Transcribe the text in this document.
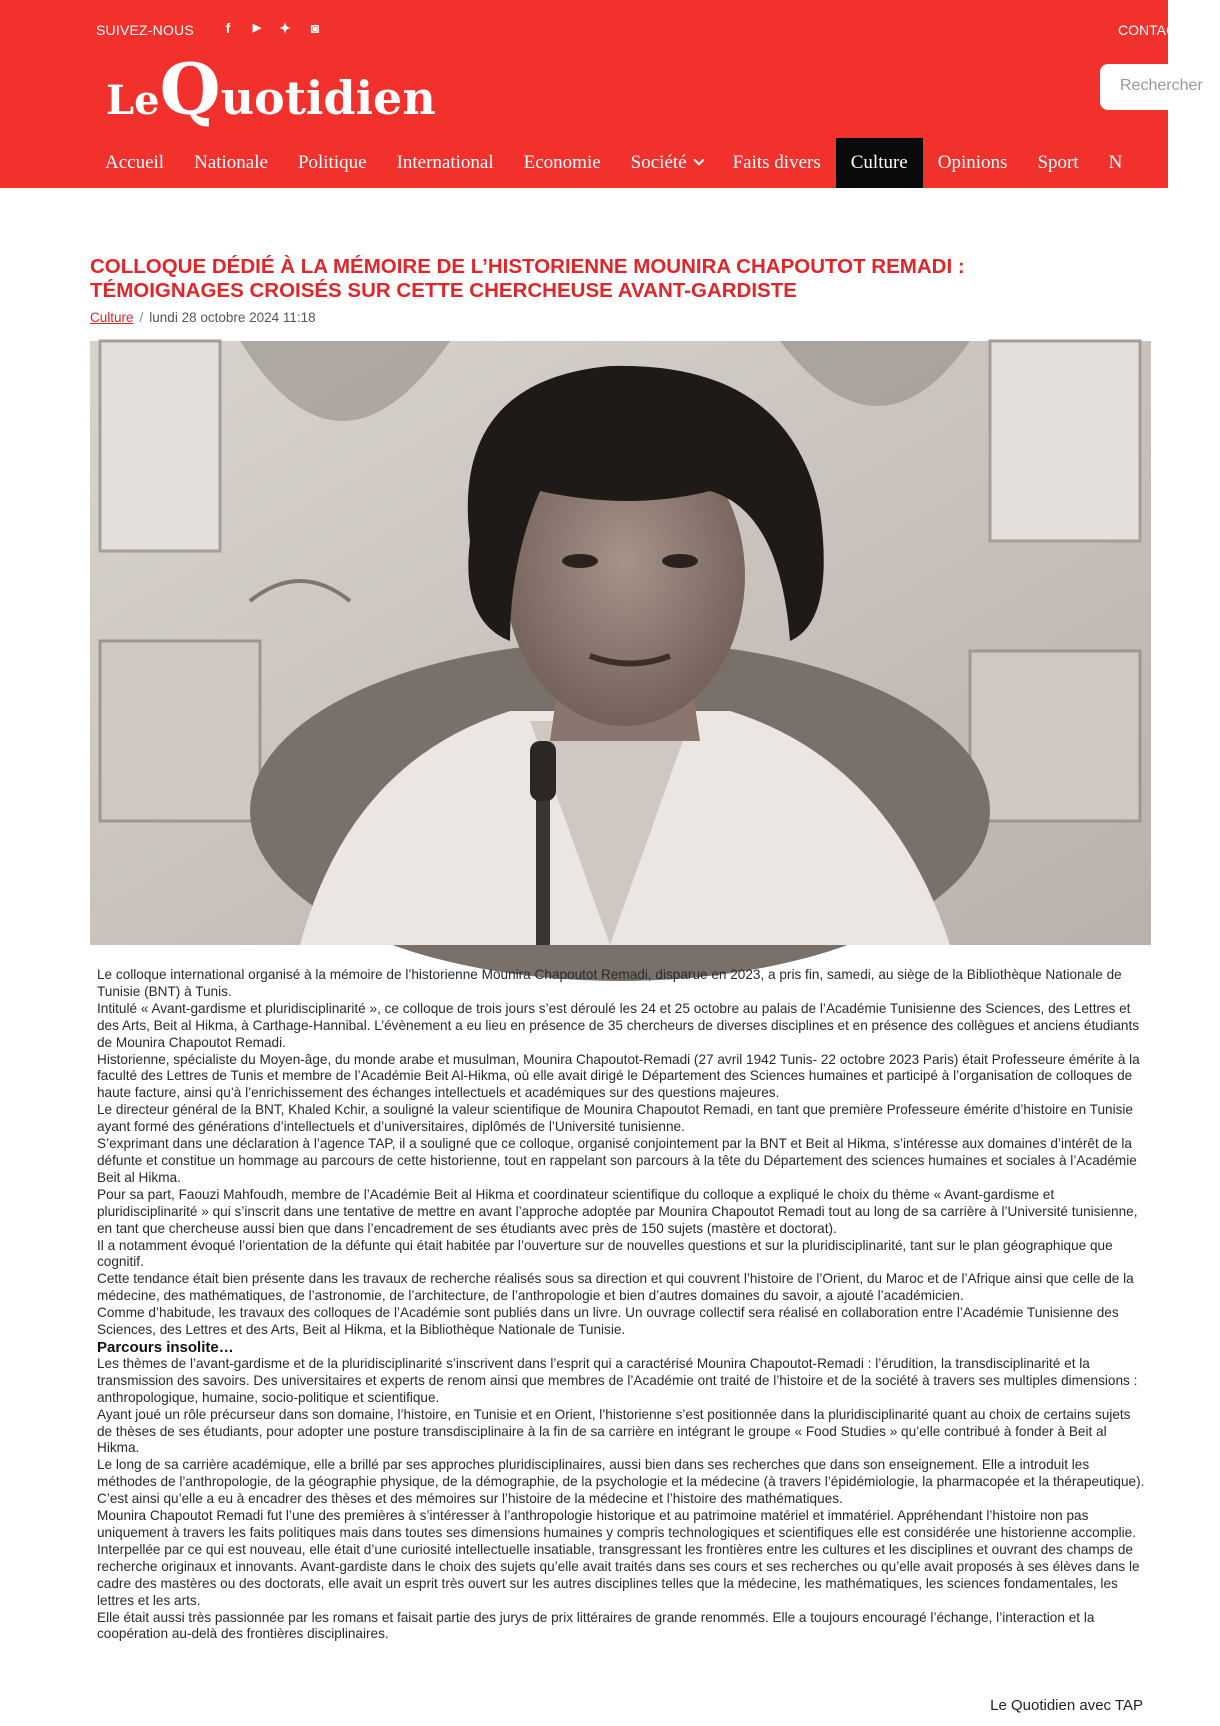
SUIVEZ-NOUS	f	▶ ✦ ◙	CONTACT
LeQuotidien	Rechercher
Accueil	Nationale	Politique	International	Economie	Société	Faits divers	Culture	Opinions	Sport	N
COLLOQUE DÉDIÉ À LA MÉMOIRE DE L’HISTORIENNE MOUNIRA CHAPOUTOT REMADI : TÉMOIGNAGES CROISÉS SUR CETTE CHERCHEUSE AVANT-GARDISTE
Culture / lundi 28 octobre 2024 11:18

Le colloque international organisé à la mémoire de l’historienne Mounira Chapoutot Remadi, disparue en 2023, a pris fin, samedi, au siège de la Bibliothèque Nationale de Tunisie (BNT) à Tunis.

Intitulé « Avant-gardisme et pluridisciplinarité », ce colloque de trois jours s’est déroulé les 24 et 25 octobre au palais de l’Académie Tunisienne des Sciences, des Lettres et des Arts, Beit al Hikma, à Carthage-Hannibal. L’évènement a eu lieu en présence de 35 chercheurs de diverses disciplines et en présence des collègues et anciens étudiants de Mounira Chapoutot Remadi.

Historienne, spécialiste du Moyen-âge, du monde arabe et musulman, Mounira Chapoutot-Remadi (27 avril 1942 Tunis- 22 octobre 2023 Paris) était Professeure émérite à la faculté des Lettres de Tunis et membre de l’Académie Beit Al-Hikma, où elle avait dirigé le Département des Sciences humaines et participé à l’organisation de colloques de haute facture, ainsi qu’à l’enrichissement des échanges intellectuels et académiques sur des questions majeures.

Le directeur général de la BNT, Khaled Kchir, a souligné la valeur scientifique de Mounira Chapoutot Remadi, en tant que première Professeure émérite d’histoire en Tunisie ayant formé des générations d’intellectuels et d’universitaires, diplômés de l’Université tunisienne.

S’exprimant dans une déclaration à l’agence TAP, il a souligné que ce colloque, organisé conjointement par la BNT et Beit al Hikma, s’intéresse aux domaines d’intérêt de la défunte et constitue un hommage au parcours de cette historienne, tout en rappelant son parcours à la tête du Département des sciences humaines et sociales à l’Académie Beit al Hikma.

Pour sa part, Faouzi Mahfoudh, membre de l’Académie Beit al Hikma et coordinateur scientifique du colloque a expliqué le choix du thème « Avant-gardisme et pluridisciplinarité » qui s’inscrit dans une tentative de mettre en avant l’approche adoptée par Mounira Chapoutot Remadi tout au long de sa carrière à l’Université tunisienne, en tant que chercheuse aussi bien que dans l’encadrement de ses étudiants avec près de 150 sujets (mastère et doctorat).

Il a notamment évoqué l’orientation de la défunte qui était habitée par l’ouverture sur de nouvelles questions et sur la pluridisciplinarité, tant sur le plan géographique que cognitif.

Cette tendance était bien présente dans les travaux de recherche réalisés sous sa direction et qui couvrent l’histoire de l’Orient, du Maroc et de l’Afrique ainsi que celle de la médecine, des mathématiques, de l’astronomie, de l’architecture, de l’anthropologie et bien d’autres domaines du savoir, a ajouté l’académicien.

Comme d’habitude, les travaux des colloques de l’Académie sont publiés dans un livre. Un ouvrage collectif sera réalisé en collaboration entre l’Académie Tunisienne des Sciences, des Lettres et des Arts, Beit al Hikma, et la Bibliothèque Nationale de Tunisie.

Parcours insolite…

Les thèmes de l’avant-gardisme et de la pluridisciplinarité s’inscrivent dans l’esprit qui a caractérisé Mounira Chapoutot-Remadi : l’érudition, la transdisciplinarité et la transmission des savoirs. Des universitaires et experts de renom ainsi que membres de l’Académie ont traité de l’histoire et de la société à travers ses multiples dimensions : anthropologique, humaine, socio-politique et scientifique.

Ayant joué un rôle précurseur dans son domaine, l’histoire, en Tunisie et en Orient, l’historienne s’est positionnée dans la pluridisciplinarité quant au choix de certains sujets de thèses de ses étudiants, pour adopter une posture transdisciplinaire à la fin de sa carrière en intégrant le groupe « Food Studies » qu’elle contribué à fonder à Beit al Hikma.

Le long de sa carrière académique, elle a brillé par ses approches pluridisciplinaires, aussi bien dans ses recherches que dans son enseignement. Elle a introduit les méthodes de l’anthropologie, de la géographie physique, de la démographie, de la psychologie et la médecine (à travers l’épidémiologie, la pharmacopée et la thérapeutique). C’est ainsi qu’elle a eu à encadrer des thèses et des mémoires sur l’histoire de la médecine et l’histoire des mathématiques.

Mounira Chapoutot Remadi fut l’une des premières à s’intéresser à l’anthropologie historique et au patrimoine matériel et immatériel. Appréhendant l’histoire non pas uniquement à travers les faits politiques mais dans toutes ses dimensions humaines y compris technologiques et scientifiques elle est considérée une historienne accomplie.

Interpellée par ce qui est nouveau, elle était d’une curiosité intellectuelle insatiable, transgressant les frontières entre les cultures et les disciplines et ouvrant des champs de recherche originaux et innovants. Avant-gardiste dans le choix des sujets qu’elle avait traités dans ses cours et ses recherches ou qu’elle avait proposés à ses élèves dans le cadre des mastères ou des doctorats, elle avait un esprit très ouvert sur les autres disciplines telles que la médecine, les mathématiques, les sciences fondamentales, les lettres et les arts.

Elle était aussi très passionnée par les romans et faisait partie des jurys de prix littéraires de grande renommés. Elle a toujours encouragé l’échange, l’interaction et la coopération au-delà des frontières disciplinaires.

Le Quotidien avec TAP
